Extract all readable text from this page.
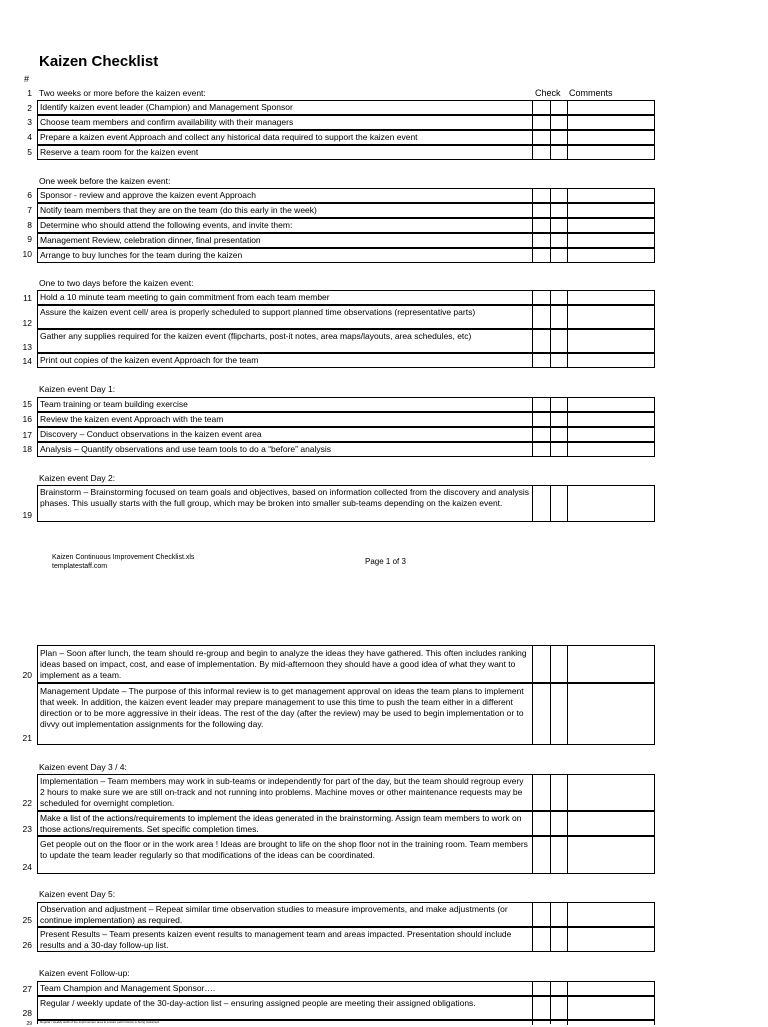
Kaizen Checklist
#
Check Comments
1 Two weeks or more before the kaizen event:
2 Identify kaizen event leader (Champion) and Management Sponsor
3 Choose team members and confirm availability with their managers
4 Prepare a kaizen event Approach and collect any historical data required to support the kaizen event
5 Reserve a team room for the kaizen event
One week before the kaizen event:
6 Sponsor - review and approve the kaizen event Approach
7 Notify team members that they are on the team (do this early in the week)
8 Determine who should attend the following events, and invite them:
9 Management Review, celebration dinner, final presentation
10 Arrange to buy lunches for the team during the kaizen
One to two days before the kaizen event:
11 Hold a 10 minute team meeting to gain commitment from each team member
12
Assure the kaizen event cell/ area is properly scheduled to support planned time observations (representative parts)
13
Gather any supplies required for the kaizen event (flipcharts, post-it notes, area maps/layouts, area schedules, etc)
14 Print out copies of the kaizen event Approach for the team
Kaizen event Day 1:
15 Team training or team building exercise
16 Review the kaizen event Approach with the team
17 Discovery – Conduct observations in the kaizen event area
18 Analysis – Quantify observations and use team tools to do a “before” analysis
Kaizen event Day 2:
19
Brainstorm – Brainstorming focused on team goals and objectives, based on information collected from the discovery and analysis phases. This usually starts with the full group, which may be broken into smaller sub-teams depending on the kaizen event.
Kaizen Continuous Improvement Checklist.xls
templatestaff.com
Page 1 of 3
20
Plan – Soon after lunch, the team should re-group and begin to analyze the ideas they have gathered. This often includes ranking ideas based on impact, cost, and ease of implementation. By mid-afternoon they should have a good idea of what they want to implement as a team.
21
Management Update – The purpose of this informal review is to get management approval on ideas the team plans to implement that week. In addition, the kaizen event leader may prepare management to use this time to push the team either in a different direction or to be more aggressive in their ideas. The rest of the day (after the review) may be used to begin implementation or to divvy out implementation assignments for the following day.
Kaizen event Day 3 / 4:
22
Implementation – Team members may work in sub-teams or independently for part of the day, but the team should regroup every 2 hours to make sure we are still on-track and not running into problems. Machine moves or other maintenance requests may be scheduled for overnight completion.
23
Make a list of the actions/requirements to implement the ideas generated in the brainstorming. Assign team members to work on those actions/requirements. Set specific completion times.
24
Get people out on the floor or in the work area ! Ideas are brought to life on the shop floor not in the training room. Team members to update the team leader regularly so that modifications of the ideas can be coordinated.
Kaizen event Day 5:
25
Observation and adjustment – Repeat similar time observation studies to measure improvements, and make adjustments (or continue implementation) as required.
26
Present Results – Team presents kaizen event results to management team and areas impacted. Presentation should include results and a 30-day follow-up list.
Kaizen event Follow-up:
27 Team Champion and Management Sponsor….
28
Regular / weekly update of the 30-day-action list – ensuring assigned people are meeting their assigned obligations.
29	Regular / weekly audit of the improvement area to ensure performance is being sustained.
